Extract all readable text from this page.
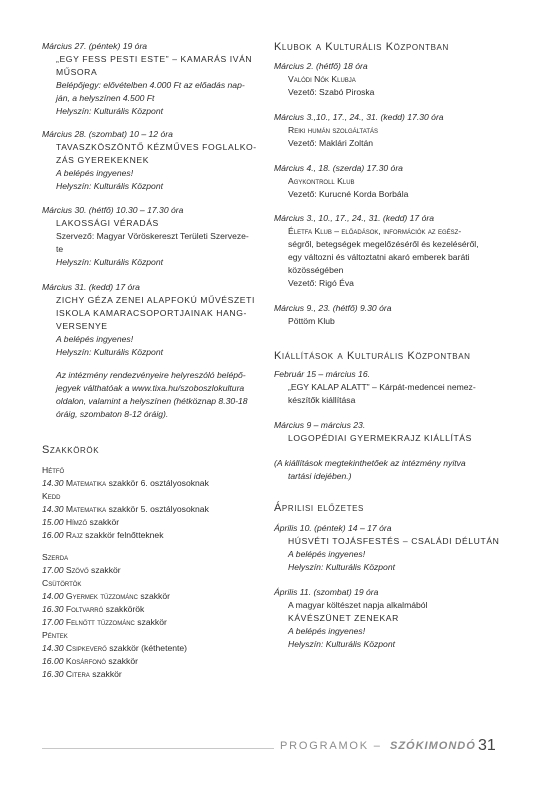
Március 27. (péntek) 19 óra
„EGY FESS PESTI ESTE” – KAMARÁS IVÁN
MŰSORA
Belépőjegy: elővételben 4.000 Ft az előadás nap-
ján, a helyszínen 4.500 Ft
Helyszín: Kulturális Központ
Március 28. (szombat) 10 – 12 óra
TAVASZKÖSZÖNTŐ KÉZMŰVES FOGLALKO-
ZÁS GYEREKEKNEK
A belépés ingyenes!
Helyszín: Kulturális Központ
Március 30. (hétfő) 10.30 – 17.30 óra
LAKOSSÁGI VÉRADÁS
Szervező: Magyar Vöröskereszt Területi Szerveze-
te
Helyszín: Kulturális Központ
Március 31. (kedd) 17 óra
ZICHY GÉZA ZENEI ALAPFOKÚ MŰVÉSZETI
ISKOLA KAMARACSOPORTJAINAK HANG-
VERSENYE
A belépés ingyenes!
Helyszín: Kulturális Központ
Az intézmény rendezvényeire helyreszóló belépő-
jegyek válthatóak a www.tixa.hu/szoboszlokultura
oldalon, valamint a helyszínen (hétköznap 8.30-18
óráig, szombaton 8-12 óráig).
Szakkörök
Hétfő
14.30 Matematika szakkör 6. osztályosoknak
Kedd
14.30 Matematika szakkör 5. osztályosoknak
15.00 Hímző szakkör
16.00 Rajz szakkör felnőtteknek
Szerda
17.00 Szövő szakkör
Csütörtök
14.00 Gyermek tűzzománc szakkör
16.30 Foltvarró szakkörök
17.00 Felnőtt tűzzománc szakkör
Péntek
14.30 Csipkeverő szakkör (kéthetente)
16.00 Kosárfonó szakkör
16.30 Citera szakkör
Klubok a Kulturális Központban
Március 2. (hétfő) 18 óra
Valódi Nők Klubja
Vezető: Szabó Piroska
Március 3.,10., 17., 24., 31. (kedd) 17.30 óra
Reiki humán szolgáltatás
Vezető: Maklári Zoltán
Március 4., 18. (szerda) 17.30 óra
Agykontroll Klub
Vezető: Kurucné Korda Borbála
Március 3., 10., 17., 24., 31. (kedd) 17 óra
Életfa Klub – előadások, információk az egész-
ségről, betegségek megelőzéséről és kezeléséről,
egy változni és változtatni akaró emberek baráti
közösségében
Vezető: Rigó Éva
Március 9., 23. (hétfő) 9.30 óra
Pöttöm Klub
Kiállítások a Kulturális Központban
Február 15 – március 16.
„EGY KALAP ALATT” – Kárpát-medencei nemez-
készítők kiállítása
Március 9 – március 23.
LOGOPÉDIAI GYERMEKRAJZ KIÁLLÍTÁS
(A kiállítások megtekinthetőek az intézmény nyitva
tartási idejében.)
Áprilisi előzetes
Április 10. (péntek) 14 – 17 óra
HÚSVÉTI TOJÁSFESTÉS – CSALÁDI DÉLUTÁN
A belépés ingyenes!
Helyszín: Kulturális Központ
Április 11. (szombat) 19 óra
A magyar költészet napja alkalmából
KÁVÉSZÜNET ZENEKAR
A belépés ingyenes!
Helyszín: Kulturális Központ
PROGRAMOK – SZÓKIMONDÓ 31
